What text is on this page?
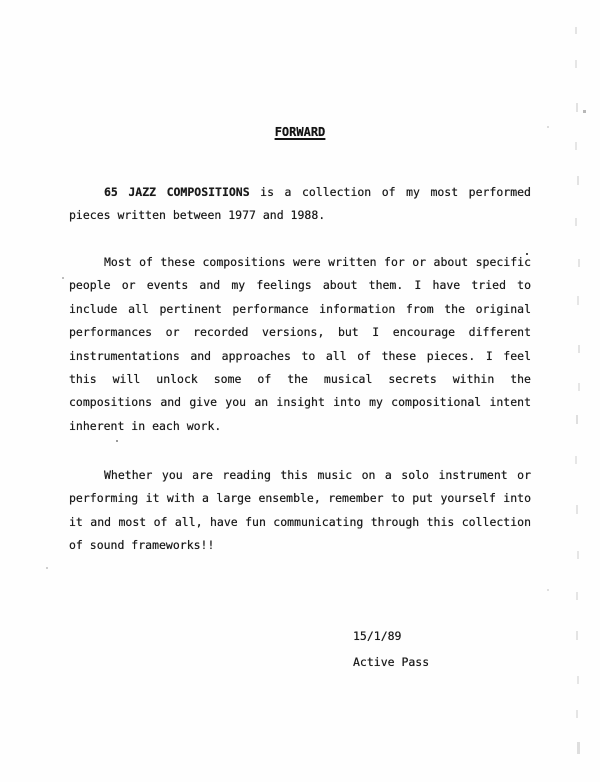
FORWARD
65 JAZZ COMPOSITIONS is a collection of my most performed
pieces written between 1977 and 1988.
Most of these compositions were written for or about specific
people or events and my feelings about them. I have tried to
include all pertinent performance information from the original
performances or recorded versions, but I encourage different
instrumentations and approaches to all of these pieces. I feel
this will unlock some of the musical secrets within the
compositions and give you an insight into my compositional intent
inherent in each work.
Whether you are reading this music on a solo instrument or
performing it with a large ensemble, remember to put yourself into
it and most of all, have fun communicating through this collection
of sound frameworks!!
15/1/89
Active Pass
